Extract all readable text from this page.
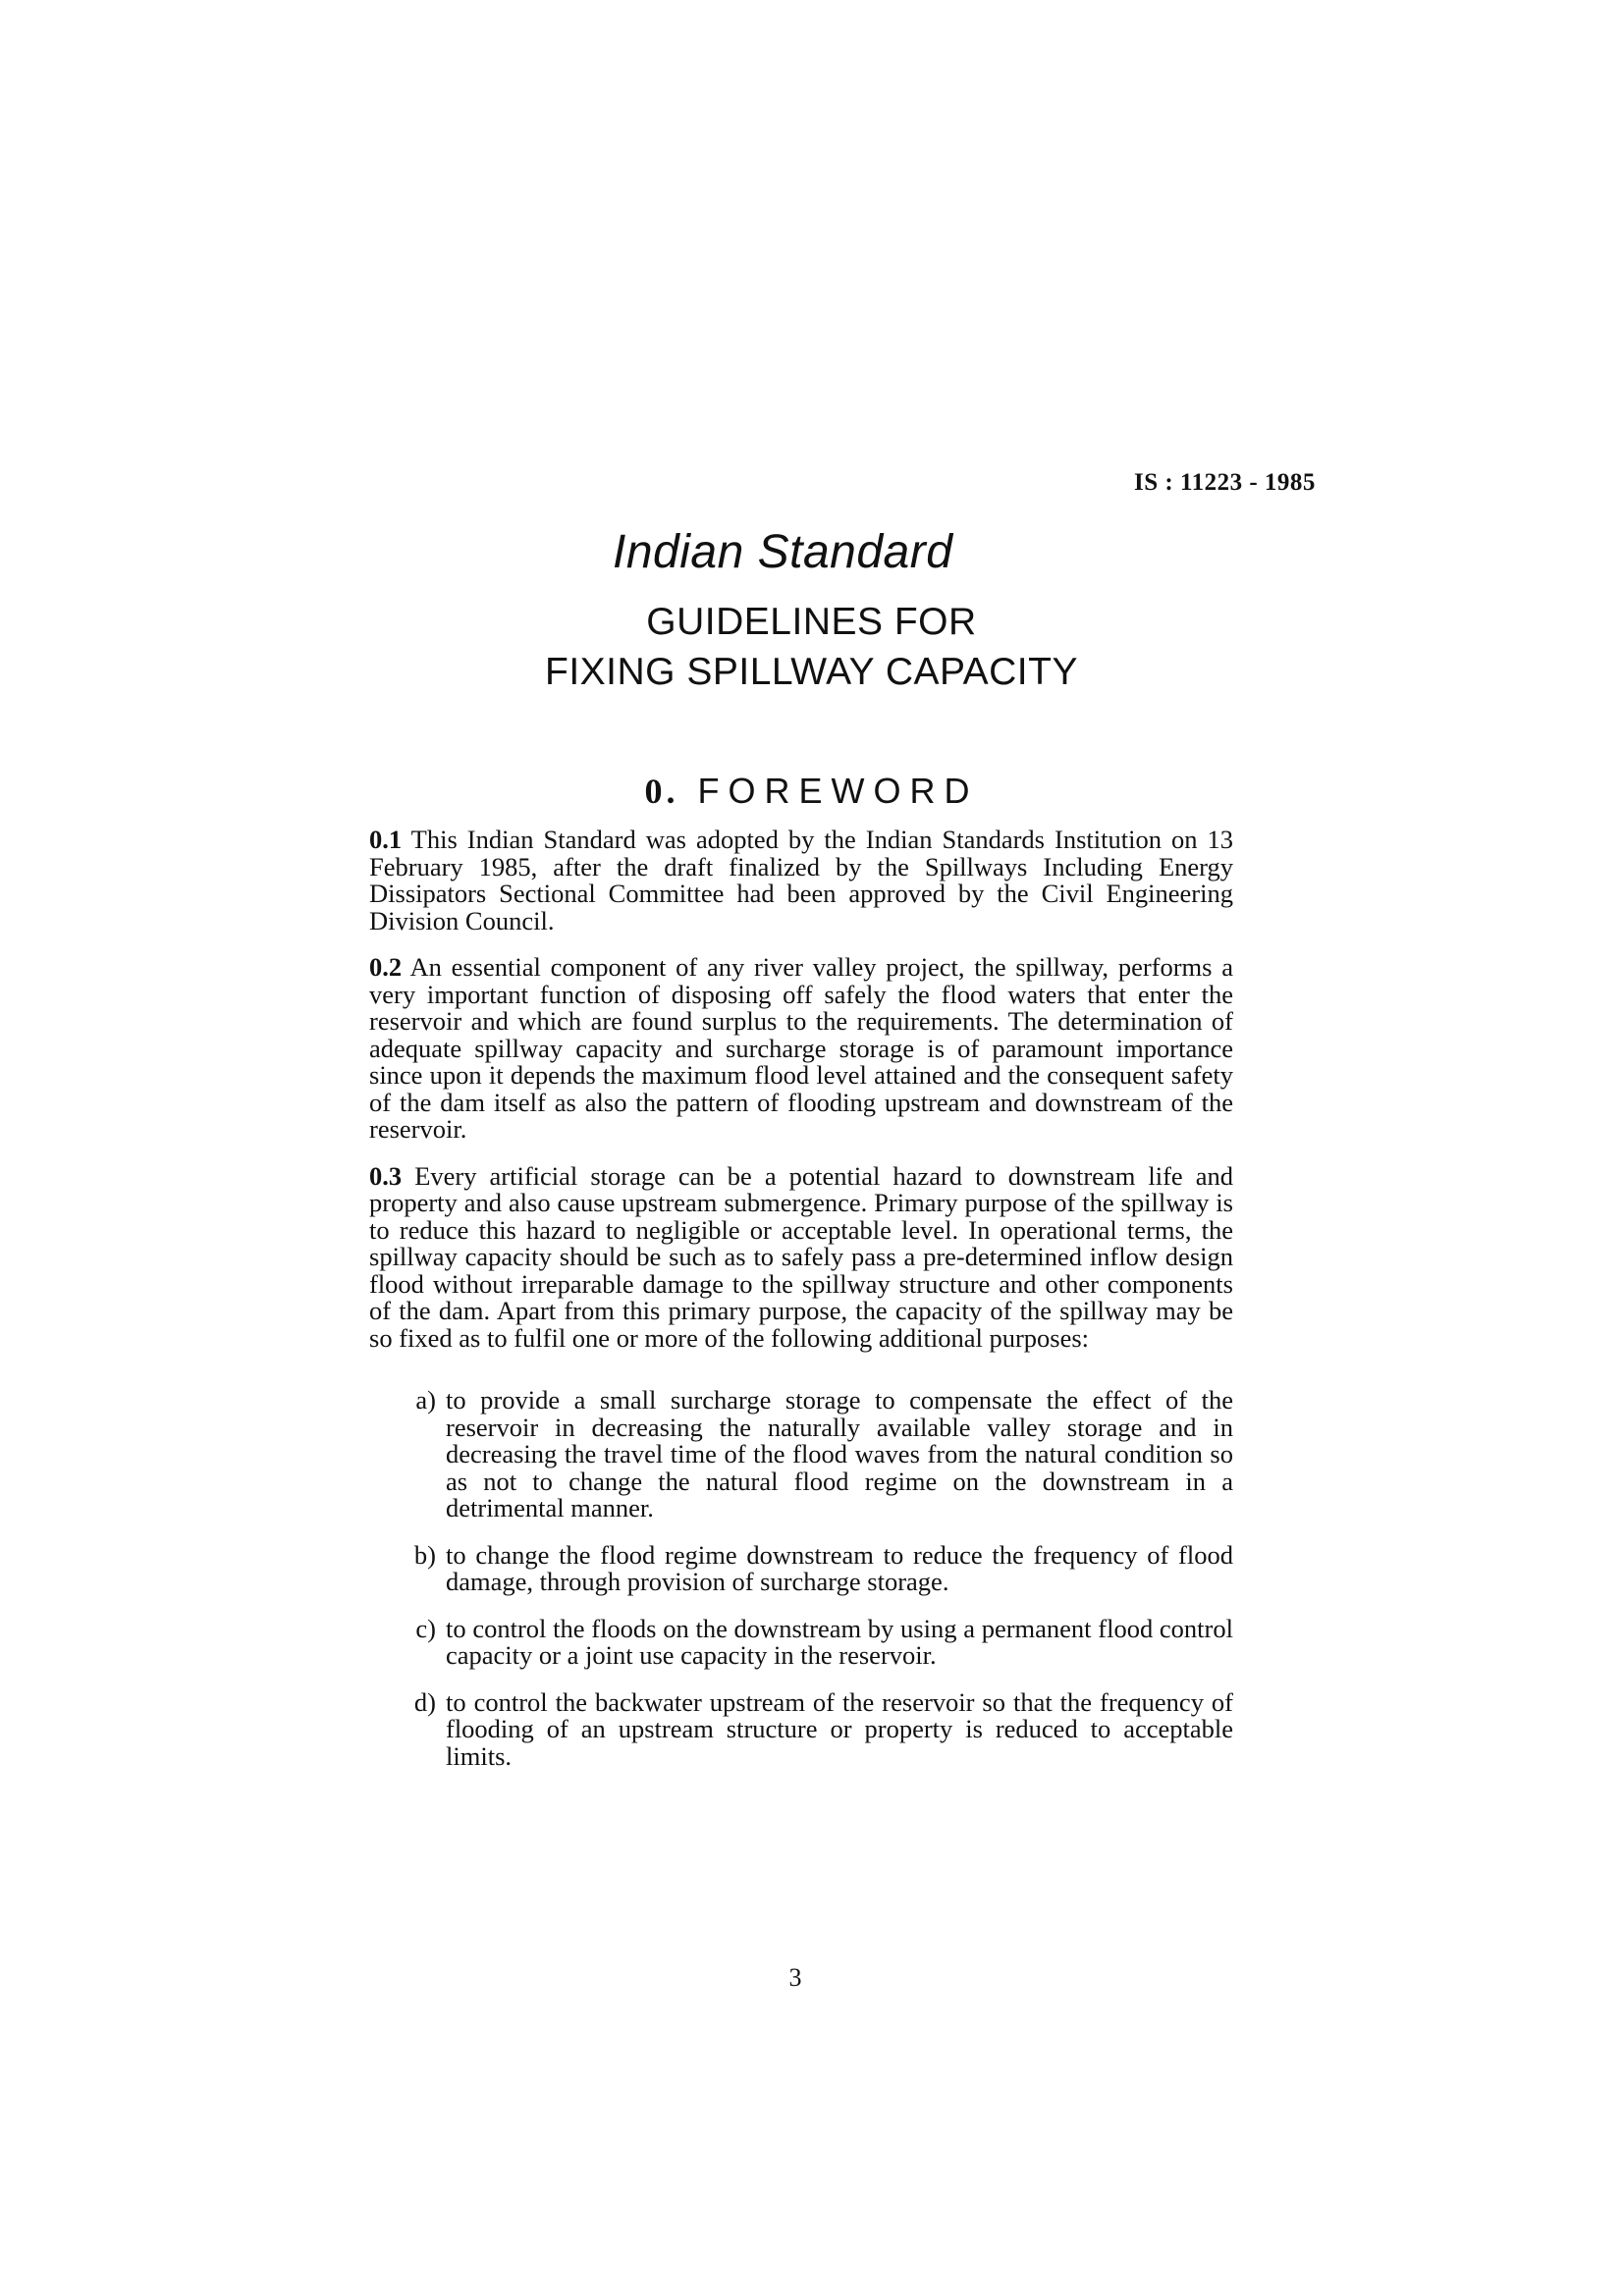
IS : 11223 - 1985
Indian Standard
GUIDELINES FOR
FIXING SPILLWAY CAPACITY
0. FOREWORD

0.1 This Indian Standard was adopted by the Indian Standards Institution on 13 February 1985, after the draft finalized by the Spillways Including Energy Dissipators Sectional Committee had been approved by the Civil Engineering Division Council.

0.2 An essential component of any river valley project, the spillway, performs a very important function of disposing off safely the flood waters that enter the reservoir and which are found surplus to the requirements. The determination of adequate spillway capacity and surcharge storage is of paramount importance since upon it depends the maximum flood level attained and the consequent safety of the dam itself as also the pattern of flooding upstream and downstream of the reservoir.

0.3 Every artificial storage can be a potential hazard to downstream life and property and also cause upstream submergence. Primary purpose of the spillway is to reduce this hazard to negligible or acceptable level. In operational terms, the spillway capacity should be such as to safely pass a pre-determined inflow design flood without irreparable damage to the spillway structure and other components of the dam. Apart from this primary purpose, the capacity of the spillway may be so fixed as to fulfil one or more of the following additional purposes:

a) to provide a small surcharge storage to compensate the effect of the reservoir in decreasing the naturally available valley storage and in decreasing the travel time of the flood waves from the natural condition so as not to change the natural flood regime on the downstream in a detrimental manner.
b) to change the flood regime downstream to reduce the frequency of flood damage, through provision of surcharge storage.
c) to control the floods on the downstream by using a permanent flood control capacity or a joint use capacity in the reservoir.
d) to control the backwater upstream of the reservoir so that the frequency of flooding of an upstream structure or property is reduced to acceptable limits.
3
